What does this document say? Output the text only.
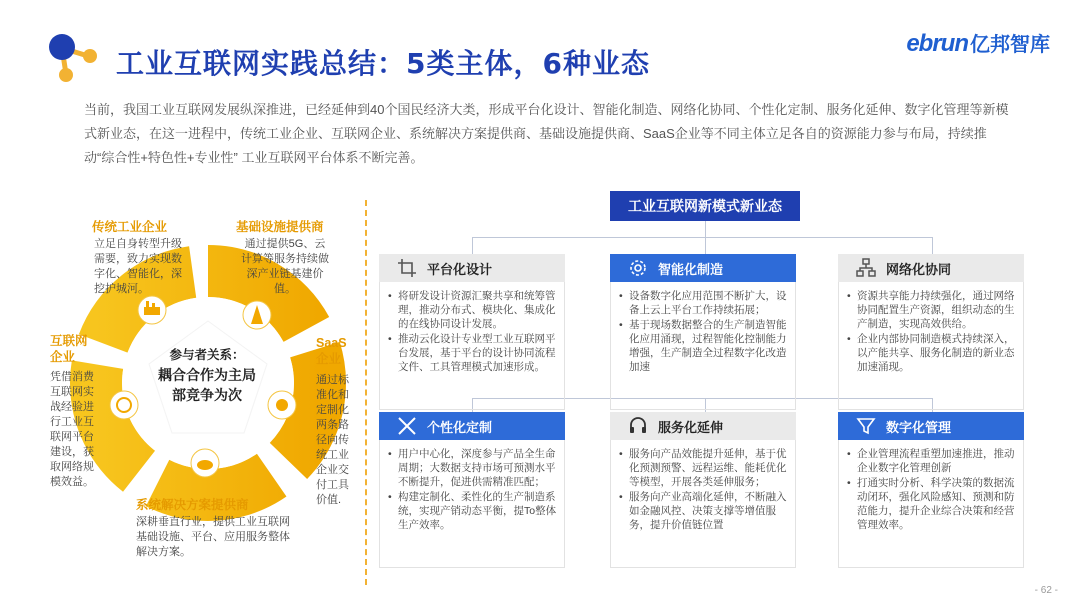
工业互联网实践总结：5类主体，6种业态
ebrun 亿邦智库
当前，我国工业互联网发展纵深推进，已经延伸到40个国民经济大类，形成平台化设计、智能化制造、网络化协同、个性化定制、服务化延伸、数字化管理等新模式新业态，在这一进程中，传统工业企业、互联网企业、系统解决方案提供商、基础设施提供商、SaaS企业等不同主体立足各自的资源能力参与布局，持续推动“综合性+特色性+专业性” 工业互联网平台体系不断完善。
传统工业企业
立足自身转型升级需要，致力实现数字化、智能化，深挖护城河。
基础设施提供商
通过提供5G、云计算等服务持续做深产业链基建价值。
SaaS企业
通过标准化和定制化两条路径向传统工业企业交付工具价值.
系统解决方案提供商
深耕垂直行业，提供工业互联网基础设施、平台、应用服务整体解决方案。
互联网企业
凭借消费互联网实战经验进行工业互联网平台建设，获取网络规模效益。
参与者关系：
耦合合作为主局部竞争为次
工业互联网新模式新业态
平台化设计
• 将研发设计资源汇聚共享和统筹管理，推动分布式、模块化、集成化的在线协同设计发展。
• 推动云化设计专业型工业互联网平台发展，基于平台的设计协同流程文件、工具管理模式加速形成。
智能化制造
• 设备数字化应用范围不断扩大，设备上云上平台工作持续拓展；
• 基于现场数据整合的生产制造智能化应用涌现，过程智能化控制能力增强，生产制造全过程数字化改造加速
网络化协同
• 资源共享能力持续强化，通过网络协同配置生产资源，组织动态的生产制造，实现高效供给。
• 企业内部协同制造模式持续深入，以产能共享、服务化制造的新业态加速涌现。
个性化定制
• 用户中心化，深度参与产品全生命周期；大数据支持市场可预测水平不断提升，促进供需精准匹配；
• 构建定制化、柔性化的生产制造系统，实现产销动态平衡，提To整体生产效率。
服务化延伸
• 服务向产品效能提升延伸，基于优化预测预警、远程运维、能耗优化等模型，开展各类延伸服务；
• 服务向产业高端化延伸，不断融入如金融风控、决策支撑等增值服务，提升价值链位置
数字化管理
• 企业管理流程重塑加速推进，推动企业数字化管理创新
• 打通实时分析、科学决策的数据流动闭环，强化风险感知、预测和防范能力，提升企业综合决策和经营管理效率。
- 62 -
